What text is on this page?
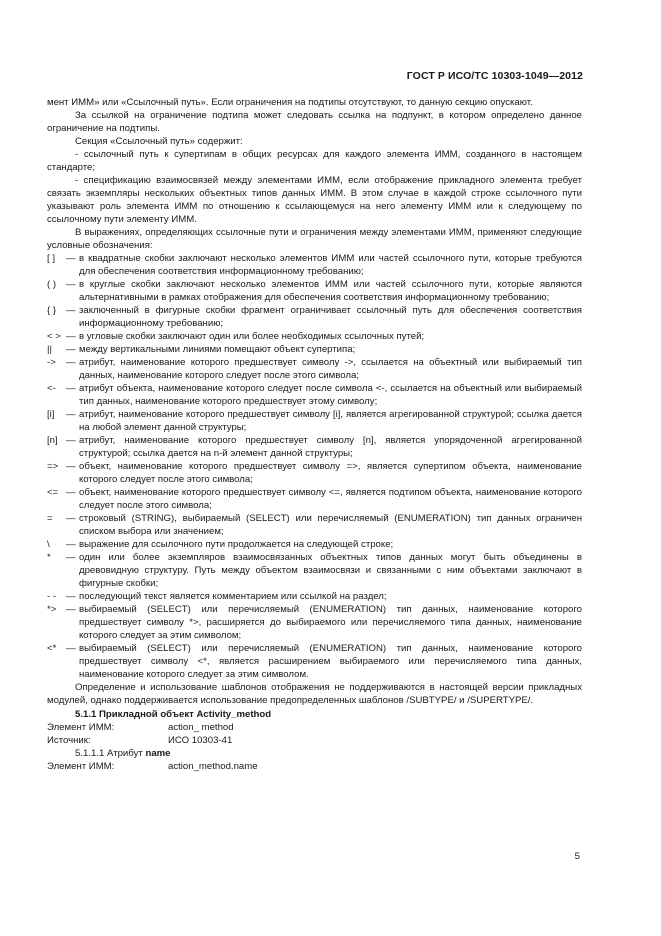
ГОСТ Р ИСО/ТС 10303-1049—2012

мент ИММ» или «Ссылочный путь». Если ограничения на подтипы отсутствуют, то данную секцию опускают.

За ссылкой на ограничение подтипа может следовать ссылка на подпункт, в котором определено данное ограничение на подтипы.

Секция «Ссылочный путь» содержит:

- ссылочный путь к супертипам в общих ресурсах для каждого элемента ИММ, созданного в настоящем стандарте;

- спецификацию взаимосвязей между элементами ИММ, если отображение прикладного элемента требует связать экземпляры нескольких объектных типов данных ИММ. В этом случае в каждой строке ссылочного пути указывают роль элемента ИММ по отношению к ссылающемуся на него элементу ИММ или к следующему по ссылочному пути элементу ИММ.

В выражениях, определяющих ссылочные пути и ограничения между элементами ИММ, применяют следующие условные обозначения:

[ ]	— в квадратные скобки заключают несколько элементов ИММ или частей ссылочного пути, которые требуются для обеспечения соответствия информационному требованию;
( )	— в круглые скобки заключают несколько элементов ИММ или частей ссылочного пути, которые являются альтернативными в рамках отображения для обеспечения соответствия информационному требованию;
{ }	— заключенный в фигурные скобки фрагмент ограничивает ссылочный путь для обеспечения соответствия информационному требованию;
< > — в угловые скобки заключают один или более необходимых ссылочных путей;
||	— между вертикальными линиями помещают объект супертипа;
->	— атрибут, наименование которого предшествует символу ->, ссылается на объектный или выбираемый тип данных, наименование которого следует после этого символа;
<-	— атрибут объекта, наименование которого следует после символа <-, ссылается на объектный или выбираемый тип данных, наименование которого предшествует этому символу;
[i]	— атрибут, наименование которого предшествует символу [i], является агрегированной структурой; ссылка дается на любой элемент данной структуры;
[n] — атрибут, наименование которого предшествует символу [n], является упорядоченной агрегированной структурой; ссылка дается на n-й элемент данной структуры;
=> — объект, наименование которого предшествует символу =>, является супертипом объекта, наименование которого следует после этого символа;
<= — объект, наименование которого предшествует символу <=, является подтипом объекта, наименование которого следует после этого символа;
=	— строковый (STRING), выбираемый (SELECT) или перечисляемый (ENUMERATION) тип данных ограничен списком выбора или значением;
\	— выражение для ссылочного пути продолжается на следующей строке;
*	— один или более экземпляров взаимосвязанных объектных типов данных могут быть объединены в древовидную структуру. Путь между объектом взаимосвязи и связанными с ним объектами заключают в фигурные скобки;
- -	— последующий текст является комментарием или ссылкой на раздел;
*>	— выбираемый (SELECT) или перечисляемый (ENUMERATION) тип данных, наименование которого предшествует символу *>, расширяется до выбираемого или перечисляемого типа данных, наименование которого следует за этим символом;
<*	— выбираемый (SELECT) или перечисляемый (ENUMERATION) тип данных, наименование которого предшествует символу <*, является расширением выбираемого или перечисляемого типа данных, наименование которого следует за этим символом.

Определение и использование шаблонов отображения не поддерживаются в настоящей версии прикладных модулей, однако поддерживается использование предопределенных шаблонов /SUBTYPE/ и /SUPERTYPE/.

5.1.1 Прикладной объект Activity_method
Элемент ИММ:	action_ method
Источник:	ИСО 10303-41
5.1.1.1 Атрибут name
Элемент ИММ:	action_method.name
5
